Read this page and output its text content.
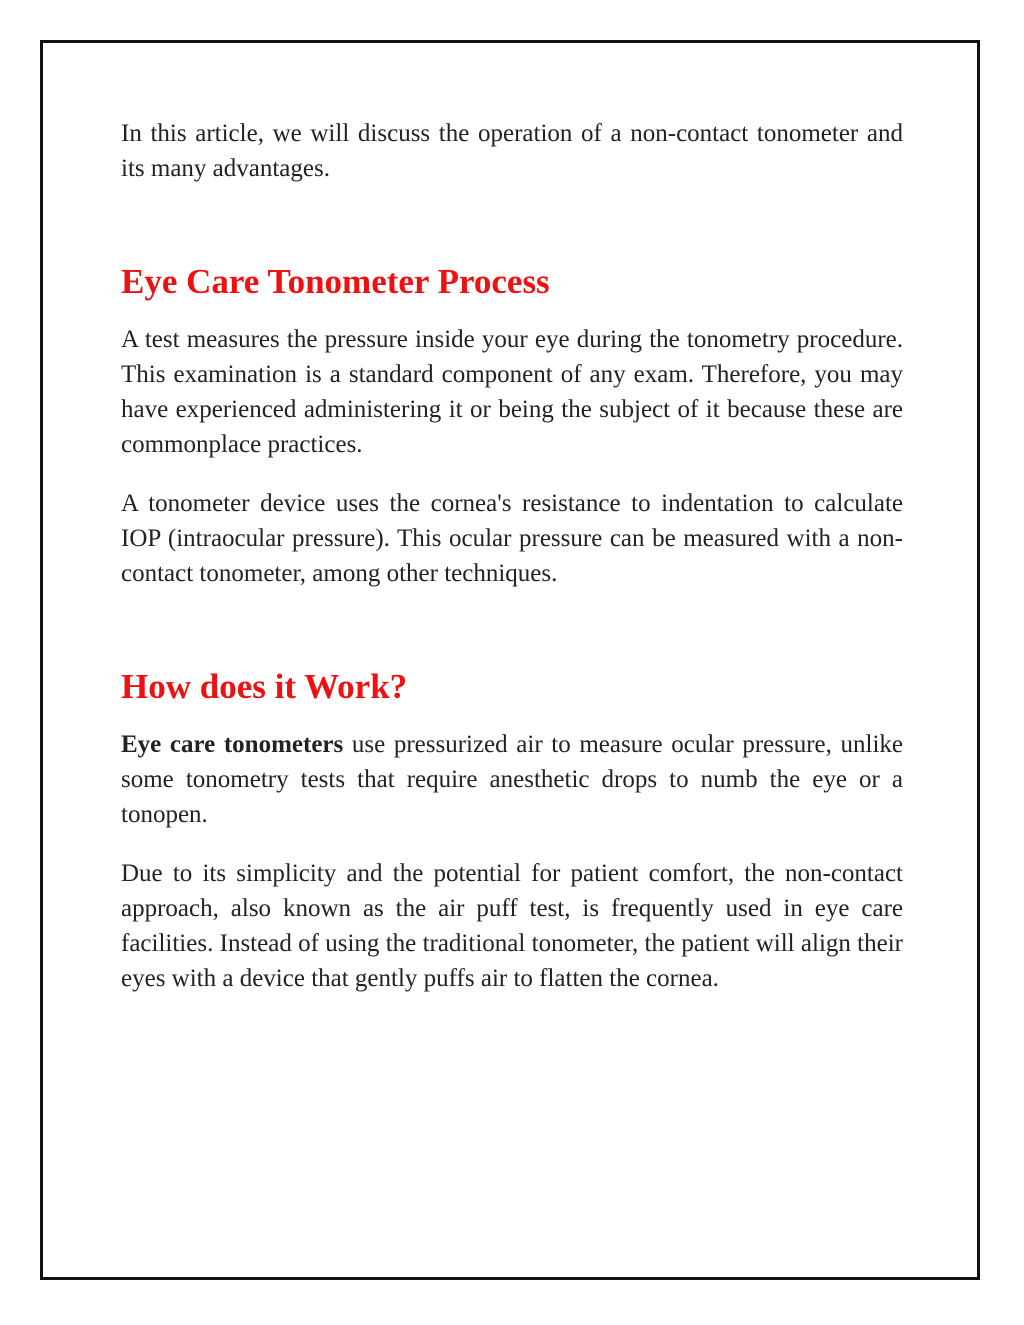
In this article, we will discuss the operation of a non-contact tonometer and its many advantages.

Eye Care Tonometer Process

A test measures the pressure inside your eye during the tonometry procedure. This examination is a standard component of any exam. Therefore, you may have experienced administering it or being the subject of it because these are commonplace practices.

A tonometer device uses the cornea's resistance to indentation to calculate IOP (intraocular pressure). This ocular pressure can be measured with a non-contact tonometer, among other techniques.

How does it Work?

Eye care tonometers use pressurized air to measure ocular pressure, unlike some tonometry tests that require anesthetic drops to numb the eye or a tonopen.

Due to its simplicity and the potential for patient comfort, the non-contact approach, also known as the air puff test, is frequently used in eye care facilities. Instead of using the traditional tonometer, the patient will align their eyes with a device that gently puffs air to flatten the cornea.
